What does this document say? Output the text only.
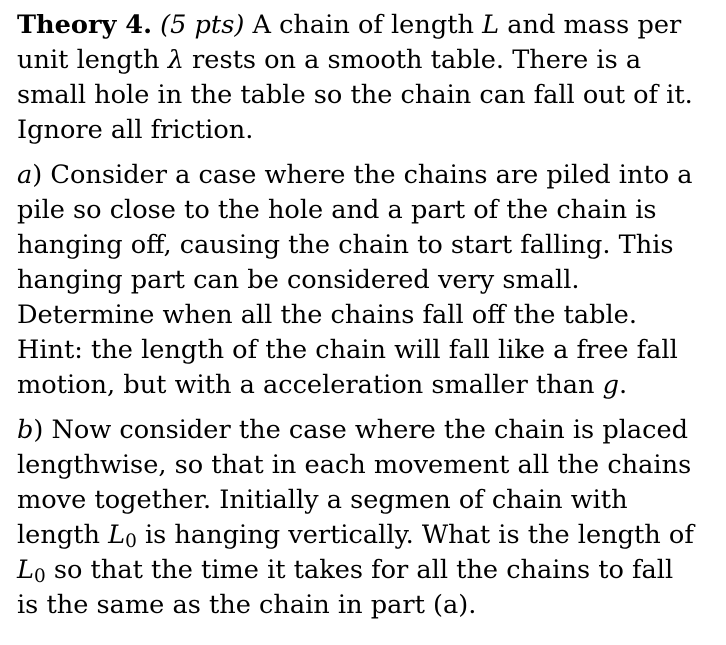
Theory 4. (5 pts) A chain of length L and mass per
unit length λ rests on a smooth table. There is a
small hole in the table so the chain can fall out of it.
Ignore all friction.

a) Consider a case where the chains are piled into a
pile so close to the hole and a part of the chain is
hanging off, causing the chain to start falling. This
hanging part can be considered very small.
Determine when all the chains fall off the table.
Hint: the length of the chain will fall like a free fall
motion, but with a acceleration smaller than g.

b) Now consider the case where the chain is placed
lengthwise, so that in each movement all the chains
move together. Initially a segmen of chain with
length L0 is hanging vertically. What is the length of
L0 so that the time it takes for all the chains to fall
is the same as the chain in part (a).
